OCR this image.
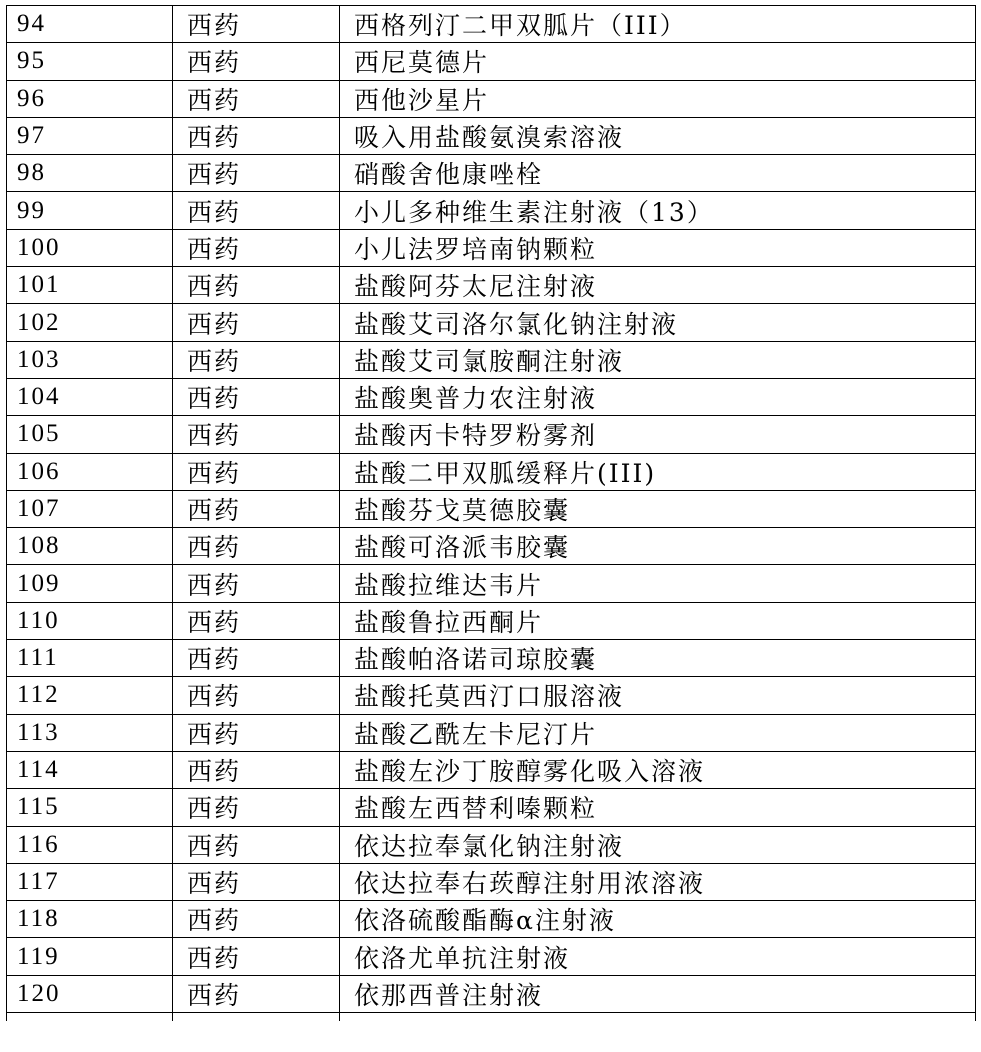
94	西药	西格列汀二甲双胍片（III）
95	西药	西尼莫德片
96	西药	西他沙星片
97	西药	吸入用盐酸氨溴索溶液
98	西药	硝酸舍他康唑栓
99	西药	小儿多种维生素注射液（13）
100	西药	小儿法罗培南钠颗粒
101	西药	盐酸阿芬太尼注射液
102	西药	盐酸艾司洛尔氯化钠注射液
103	西药	盐酸艾司氯胺酮注射液
104	西药	盐酸奥普力农注射液
105	西药	盐酸丙卡特罗粉雾剂
106	西药	盐酸二甲双胍缓释片(III)
107	西药	盐酸芬戈莫德胶囊
108	西药	盐酸可洛派韦胶囊
109	西药	盐酸拉维达韦片
110	西药	盐酸鲁拉西酮片
111	西药	盐酸帕洛诺司琼胶囊
112	西药	盐酸托莫西汀口服溶液
113	西药	盐酸乙酰左卡尼汀片
114	西药	盐酸左沙丁胺醇雾化吸入溶液
115	西药	盐酸左西替利嗪颗粒
116	西药	依达拉奉氯化钠注射液
117	西药	依达拉奉右莰醇注射用浓溶液
118	西药	依洛硫酸酯酶α注射液
119	西药	依洛尤单抗注射液
120	西药	依那西普注射液
